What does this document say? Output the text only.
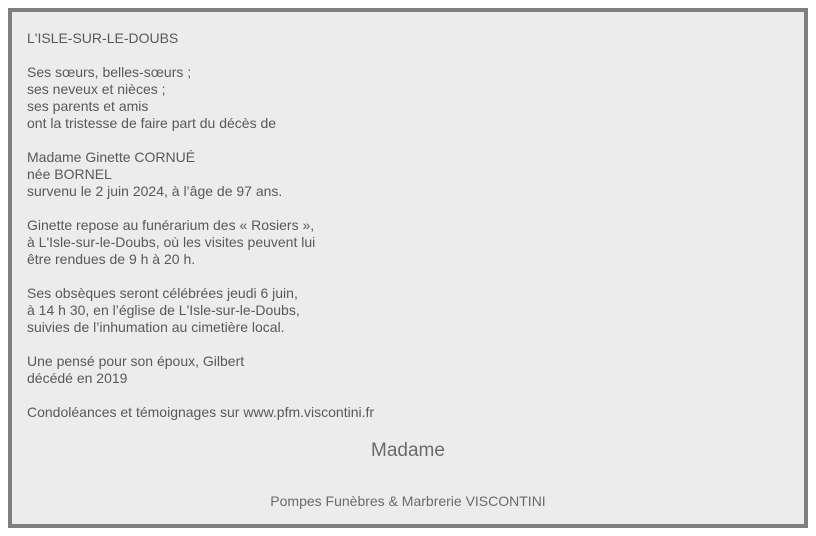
L'ISLE-SUR-LE-DOUBS

Ses sœurs, belles-sœurs ;
ses neveux et nièces ;
ses parents et amis
ont la tristesse de faire part du décès de

Madame Ginette CORNUÉ
née BORNEL
survenu le 2 juin 2024, à l’âge de 97 ans.

Ginette repose au funérarium des « Rosiers »,
à L'Isle-sur-le-Doubs, où les visites peuvent lui
être rendues de 9 h à 20 h.

Ses obsèques seront célébrées jeudi 6 juin,
à 14 h 30, en l’église de L'Isle-sur-le-Doubs,
suivies de l’inhumation au cimetière local.

Une pensé pour son époux, Gilbert
décédé en 2019

Condoléances et témoignages sur www.pfm.viscontini.fr

Madame
Pompes Funèbres & Marbrerie VISCONTINI
